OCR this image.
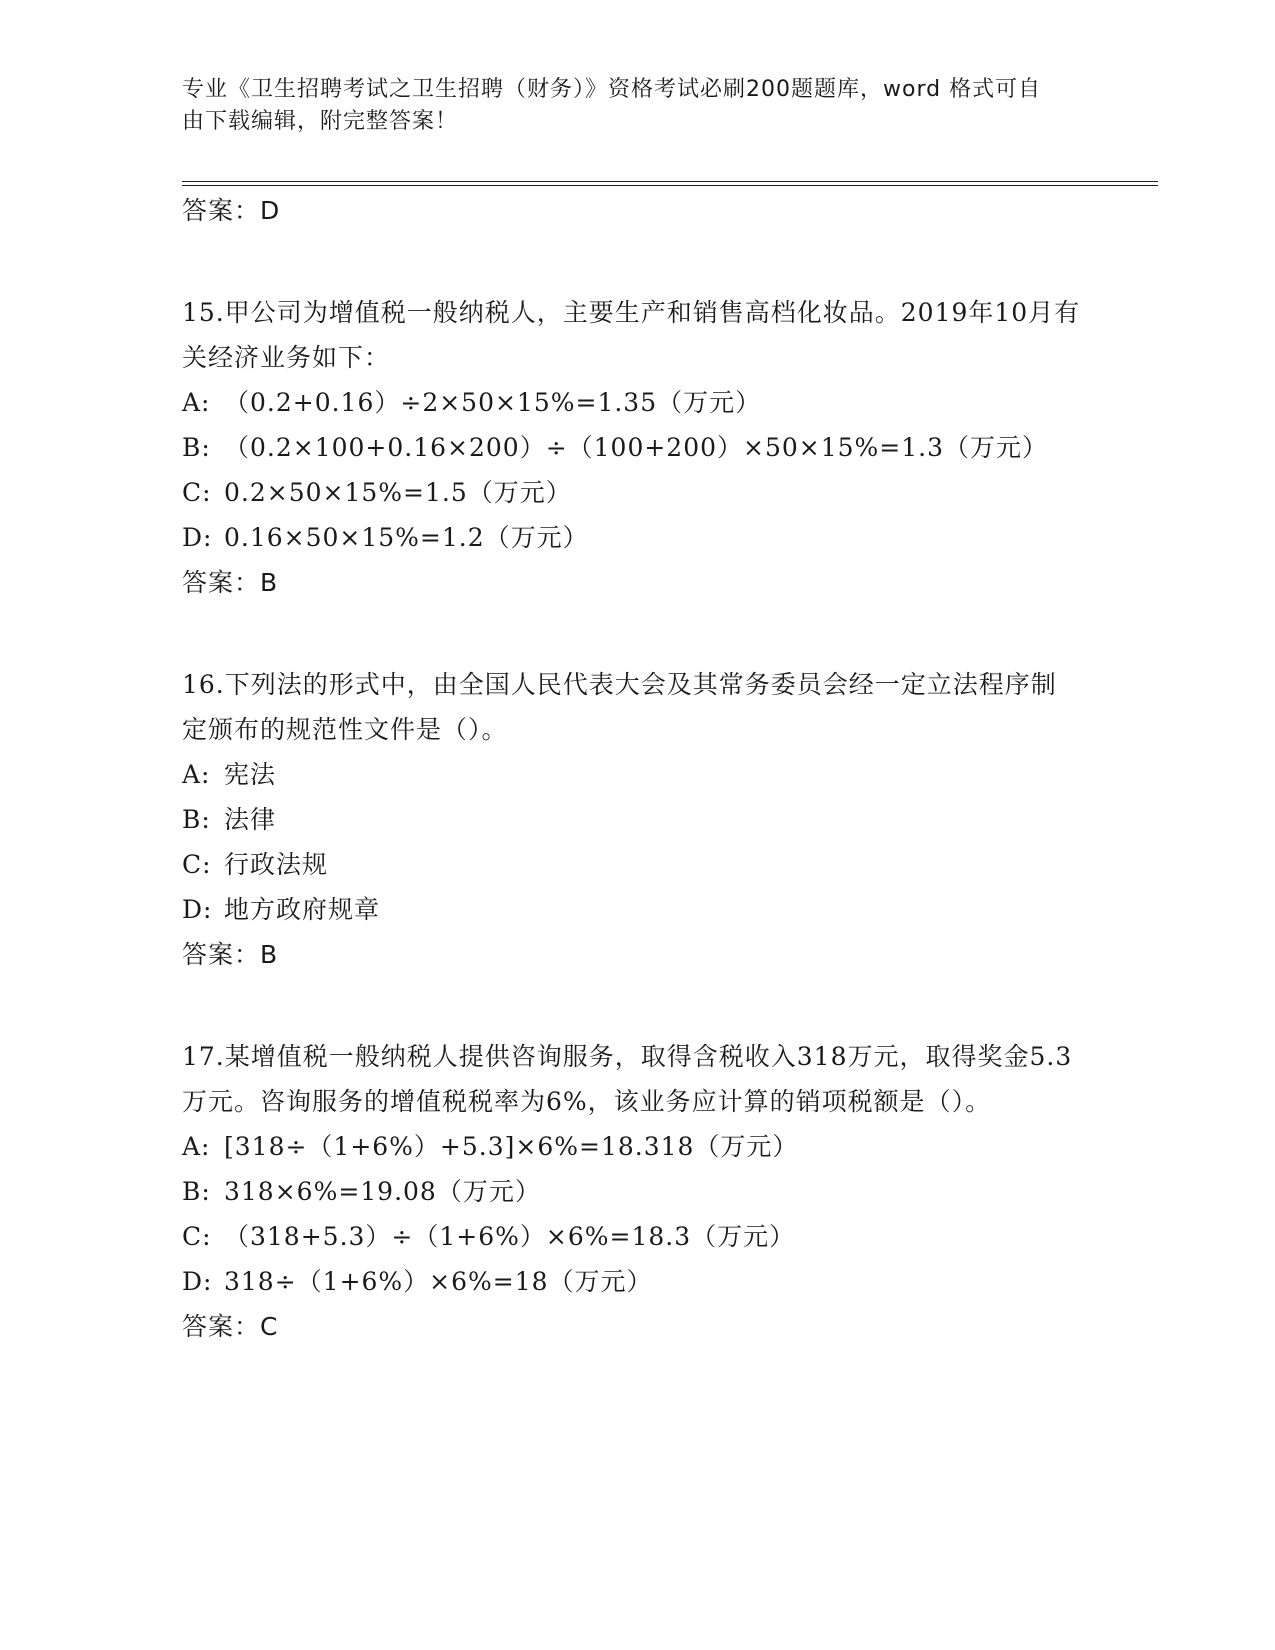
专业《卫生招聘考试之卫生招聘（财务）》资格考试必刷200题题库，word 格式可自由下载编辑，附完整答案！
答案：D
15.甲公司为增值税一般纳税人，主要生产和销售高档化妆品。2019年10月有关经济业务如下：
A: （0.2+0.16）÷2×50×15%=1.35（万元）
B: （0.2×100+0.16×200）÷（100+200）×50×15%=1.3（万元）
C: 0.2×50×15%=1.5（万元）
D: 0.16×50×15%=1.2（万元）
答案：B
16.下列法的形式中，由全国人民代表大会及其常务委员会经一定立法程序制定颁布的规范性文件是（）。
A: 宪法
B: 法律
C: 行政法规
D: 地方政府规章
答案：B
17.某增值税一般纳税人提供咨询服务，取得含税收入318万元，取得奖金5.3万元。咨询服务的增值税税率为6%，该业务应计算的销项税额是（）。
A: [318÷（1+6%）+5.3]×6%=18.318（万元）
B: 318×6%=19.08（万元）
C: （318+5.3）÷（1+6%）×6%=18.3（万元）
D: 318÷（1+6%）×6%=18（万元）
答案：C
